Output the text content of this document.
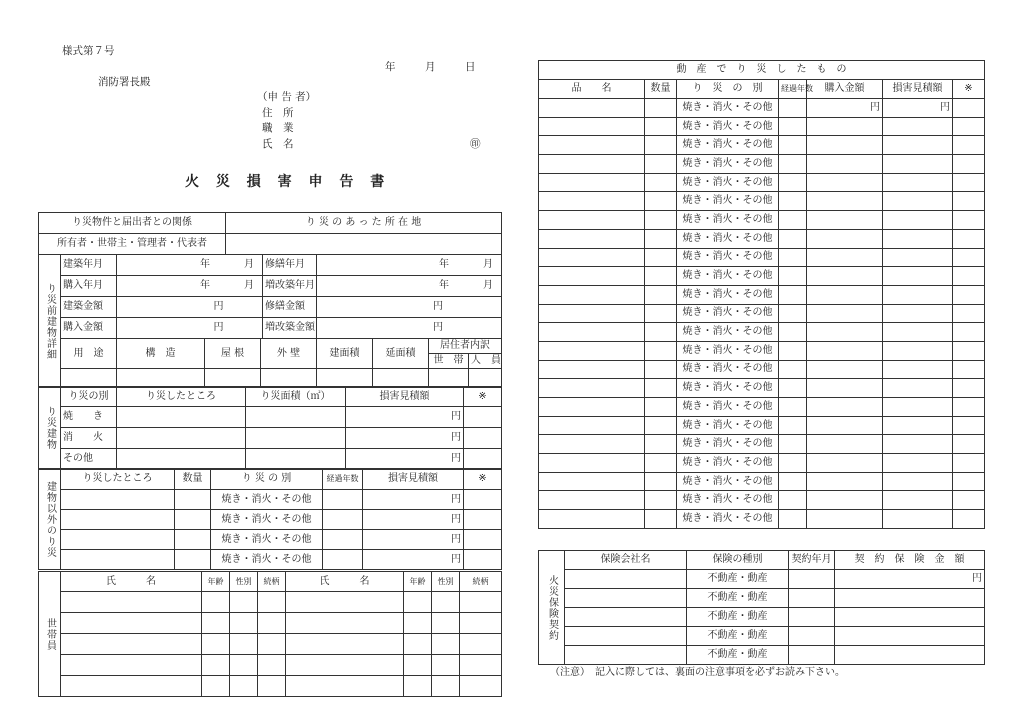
様式第７号
年	月	日
消防署長殿
（申 告 者）
住　所
職　業
氏　名	㊞
火 災 損 害 申 告 書
り災物件と届出者との関係	り 災 の あ っ た 所 在 地
所有者・世帯主・管理者・代表者	
り災前建物詳細	建築年月	年 月			修繕年月	年 月			

	購入年月	年 月			増改築年月	年 月			

	建築金額	円			修繕金額	円			
	購入金額	円			増改築金額	円			
	用　途	構　造	屋 根	外 壁		建面積	延面積	居住者内訳	
								世　帯	人　員

り災建物	り災の別	り災したところ	り災面積（㎡）	損害見積額	※
	焼　　き			円	
	消　　火			円	
	その他			円	
建物以外のり災	り災したところ	数量	り 災 の 別	経過年数	損害見積額	※
			焼き・消火・その他		円	
			焼き・消火・その他		円	
			焼き・消火・その他		円	
			焼き・消火・その他		円	
世帯員	氏　　　名	年齢	性別	続柄	氏　　　名	年齢	性別	続柄

動　産　で　り　災　し　た　も　の						
品　　名	数量	り　災　の　別	経過年数	購入金額	損害見積額	※
		焼き・消火・その他		円	円	
		焼き・消火・その他				
		焼き・消火・その他				
		焼き・消火・その他				
		焼き・消火・その他				
		焼き・消火・その他				
		焼き・消火・その他				
		焼き・消火・その他				
		焼き・消火・その他				
		焼き・消火・その他				
		焼き・消火・その他				
		焼き・消火・その他				
		焼き・消火・その他				
		焼き・消火・その他				
		焼き・消火・その他				
		焼き・消火・その他				
		焼き・消火・その他				
		焼き・消火・その他				
		焼き・消火・その他				
		焼き・消火・その他				
		焼き・消火・その他				
		焼き・消火・その他				
		焼き・消火・その他				
火災保険契約	保険会社名	保険の種別	契約年月	契　約　保　険　金　額
		不動産・動産		円
		不動産・動産		
		不動産・動産		
		不動産・動産		
		不動産・動産		
（注意）　記入に際しては、裏面の注意事項を必ずお読み下さい。
